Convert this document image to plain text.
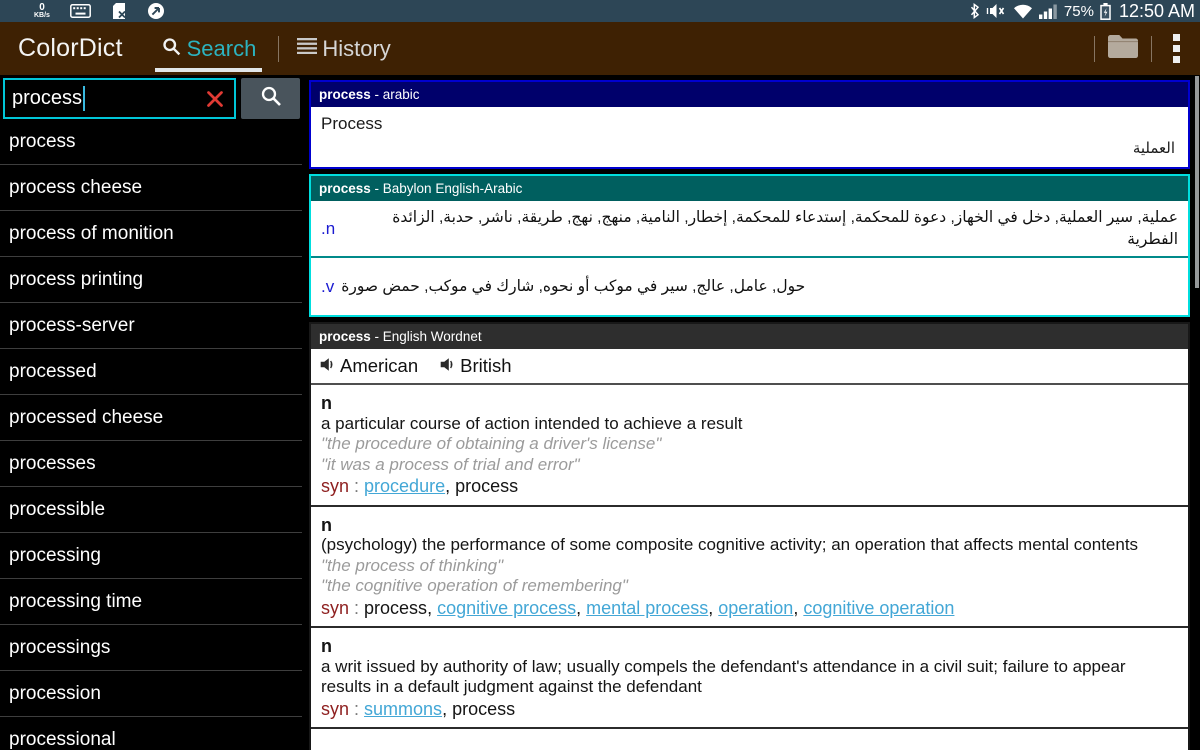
0
KB/s	75% 12:50 AM
ColorDict	Search	History
process
process
process cheese
process of monition
process printing
process-server
processed
processed cheese
processes
processible
processing
processing time
processings
procession
processional
process - arabic
Process
العملية
process - Babylon English-Arabic
n.
عملية, سير العملية, دخل في الخهاز, دعوة للمحكمة, إستدعاء للمحكمة, إخطار, النامية, منهج, نهج, طريقة, ناشر, حدبة, الزائدة الفطرية
v. حول, عامل, عالج, سير في موكب أو نحوه, شارك في موكب, حمض صورة
process - English Wordnet
American British
n
a particular course of action intended to achieve a result
"the procedure of obtaining a driver's license"
"it was a process of trial and error"
syn : procedure, process
n
(psychology) the performance of some composite cognitive activity; an operation that affects mental contents
"the process of thinking"
"the cognitive operation of remembering"
syn : process, cognitive process, mental process, operation, cognitive operation
n
a writ issued by authority of law; usually compels the defendant's attendance in a civil suit; failure to appear results in a default judgment against the defendant
syn : summons, process
